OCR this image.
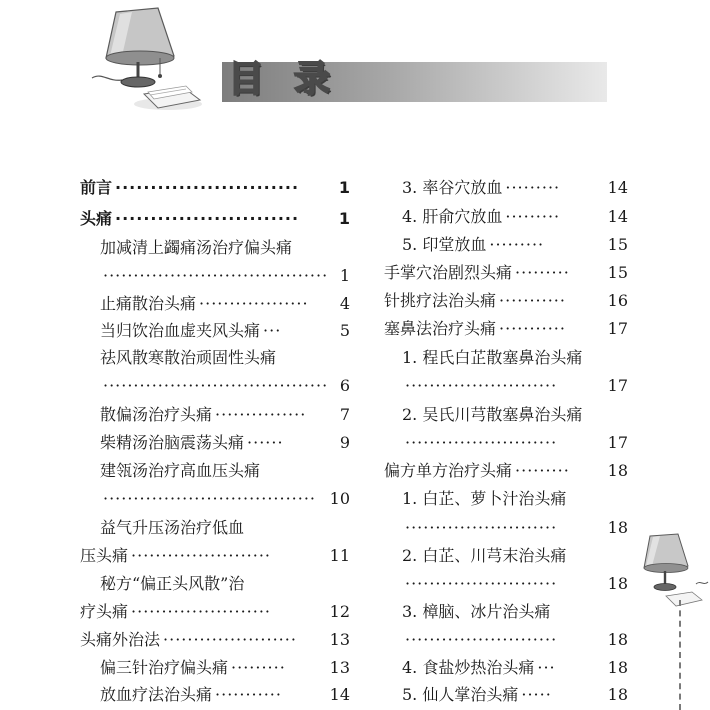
目录
前言 ··························	1
头痛 ··························	1
加减清上蠲痛汤治疗偏头痛
····································· 1
止痛散治头痛 ··················	4
当归饮治血虚夹风头痛 ···	5
祛风散寒散治顽固性头痛
····································· 6
散偏汤治疗头痛 ···············	7
柴精汤治脑震荡头痛 ······	9
建瓴汤治疗高血压头痛
··································· 10
益气升压汤治疗低血
压头痛 ·······················	11
秘方“偏正头风散”治
疗头痛 ·······················	12
头痛外治法 ······················	13
偏三针治疗偏头痛 ·········	13
放血疗法治头痛 ···········	14
3. 率谷穴放血 ·········	14
4. 肝俞穴放血 ·········	14
5. 印堂放血 ·········	15
手掌穴治剧烈头痛 ·········	15
针挑疗法治头痛 ···········	16
塞鼻法治疗头痛 ···········	17
1. 程氏白芷散塞鼻治头痛
·························	17
2. 吴氏川芎散塞鼻治头痛
·························	17
偏方单方治疗头痛 ·········	18
1. 白芷、萝卜汁治头痛
·························	18
2. 白芷、川芎末治头痛
·························	18
3. 樟脑、冰片治头痛
·························	18
4. 食盐炒热治头痛 ···	18
5. 仙人掌治头痛 ·····	18
